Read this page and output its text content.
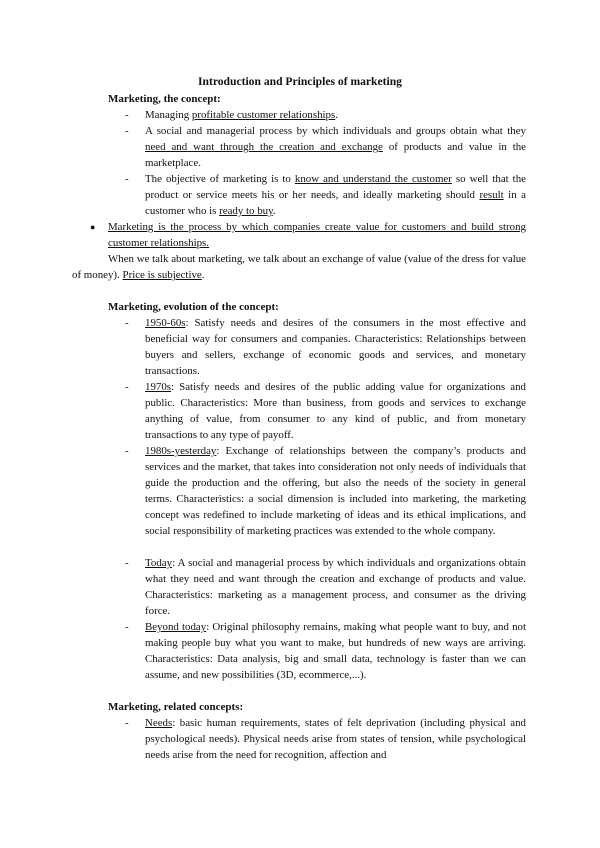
Introduction and Principles of marketing
Marketing, the concept:
- Managing profitable customer relationships.
- A social and managerial process by which individuals and groups obtain what they need and want through the creation and exchange of products and value in the marketplace.
- The objective of marketing is to know and understand the customer so well that the product or service meets his or her needs, and ideally marketing should result in a customer who is ready to buy.
● Marketing is the process by which companies create value for customers and build strong customer relationships.
When we talk about marketing, we talk about an exchange of value (value of the dress for value of money). Price is subjective.
Marketing, evolution of the concept:
- 1950-60s: Satisfy needs and desires of the consumers in the most effective and beneficial way for consumers and companies. Characteristics: Relationships between buyers and sellers, exchange of economic goods and services, and monetary transactions.
- 1970s: Satisfy needs and desires of the public adding value for organizations and public. Characteristics: More than business, from goods and services to exchange anything of value, from consumer to any kind of public, and from monetary transactions to any type of payoff.
- 1980s-yesterday: Exchange of relationships between the company’s products and services and the market, that takes into consideration not only needs of individuals that guide the production and the offering, but also the needs of the society in general terms. Characteristics: a social dimension is included into marketing, the marketing concept was redefined to include marketing of ideas and its ethical implications, and social responsibility of marketing practices was extended to the whole company.
- Today: A social and managerial process by which individuals and organizations obtain what they need and want through the creation and exchange of products and value. Characteristics: marketing as a management process, and consumer as the driving force.
- Beyond today: Original philosophy remains, making what people want to buy, and not making people buy what you want to make, but hundreds of new ways are arriving. Characteristics: Data analysis, big and small data, technology is faster than we can assume, and new possibilities (3D, ecommerce,...).
Marketing, related concepts:
- Needs: basic human requirements, states of felt deprivation (including physical and psychological needs). Physical needs arise from states of tension, while psychological needs arise from the need for recognition, affection and
